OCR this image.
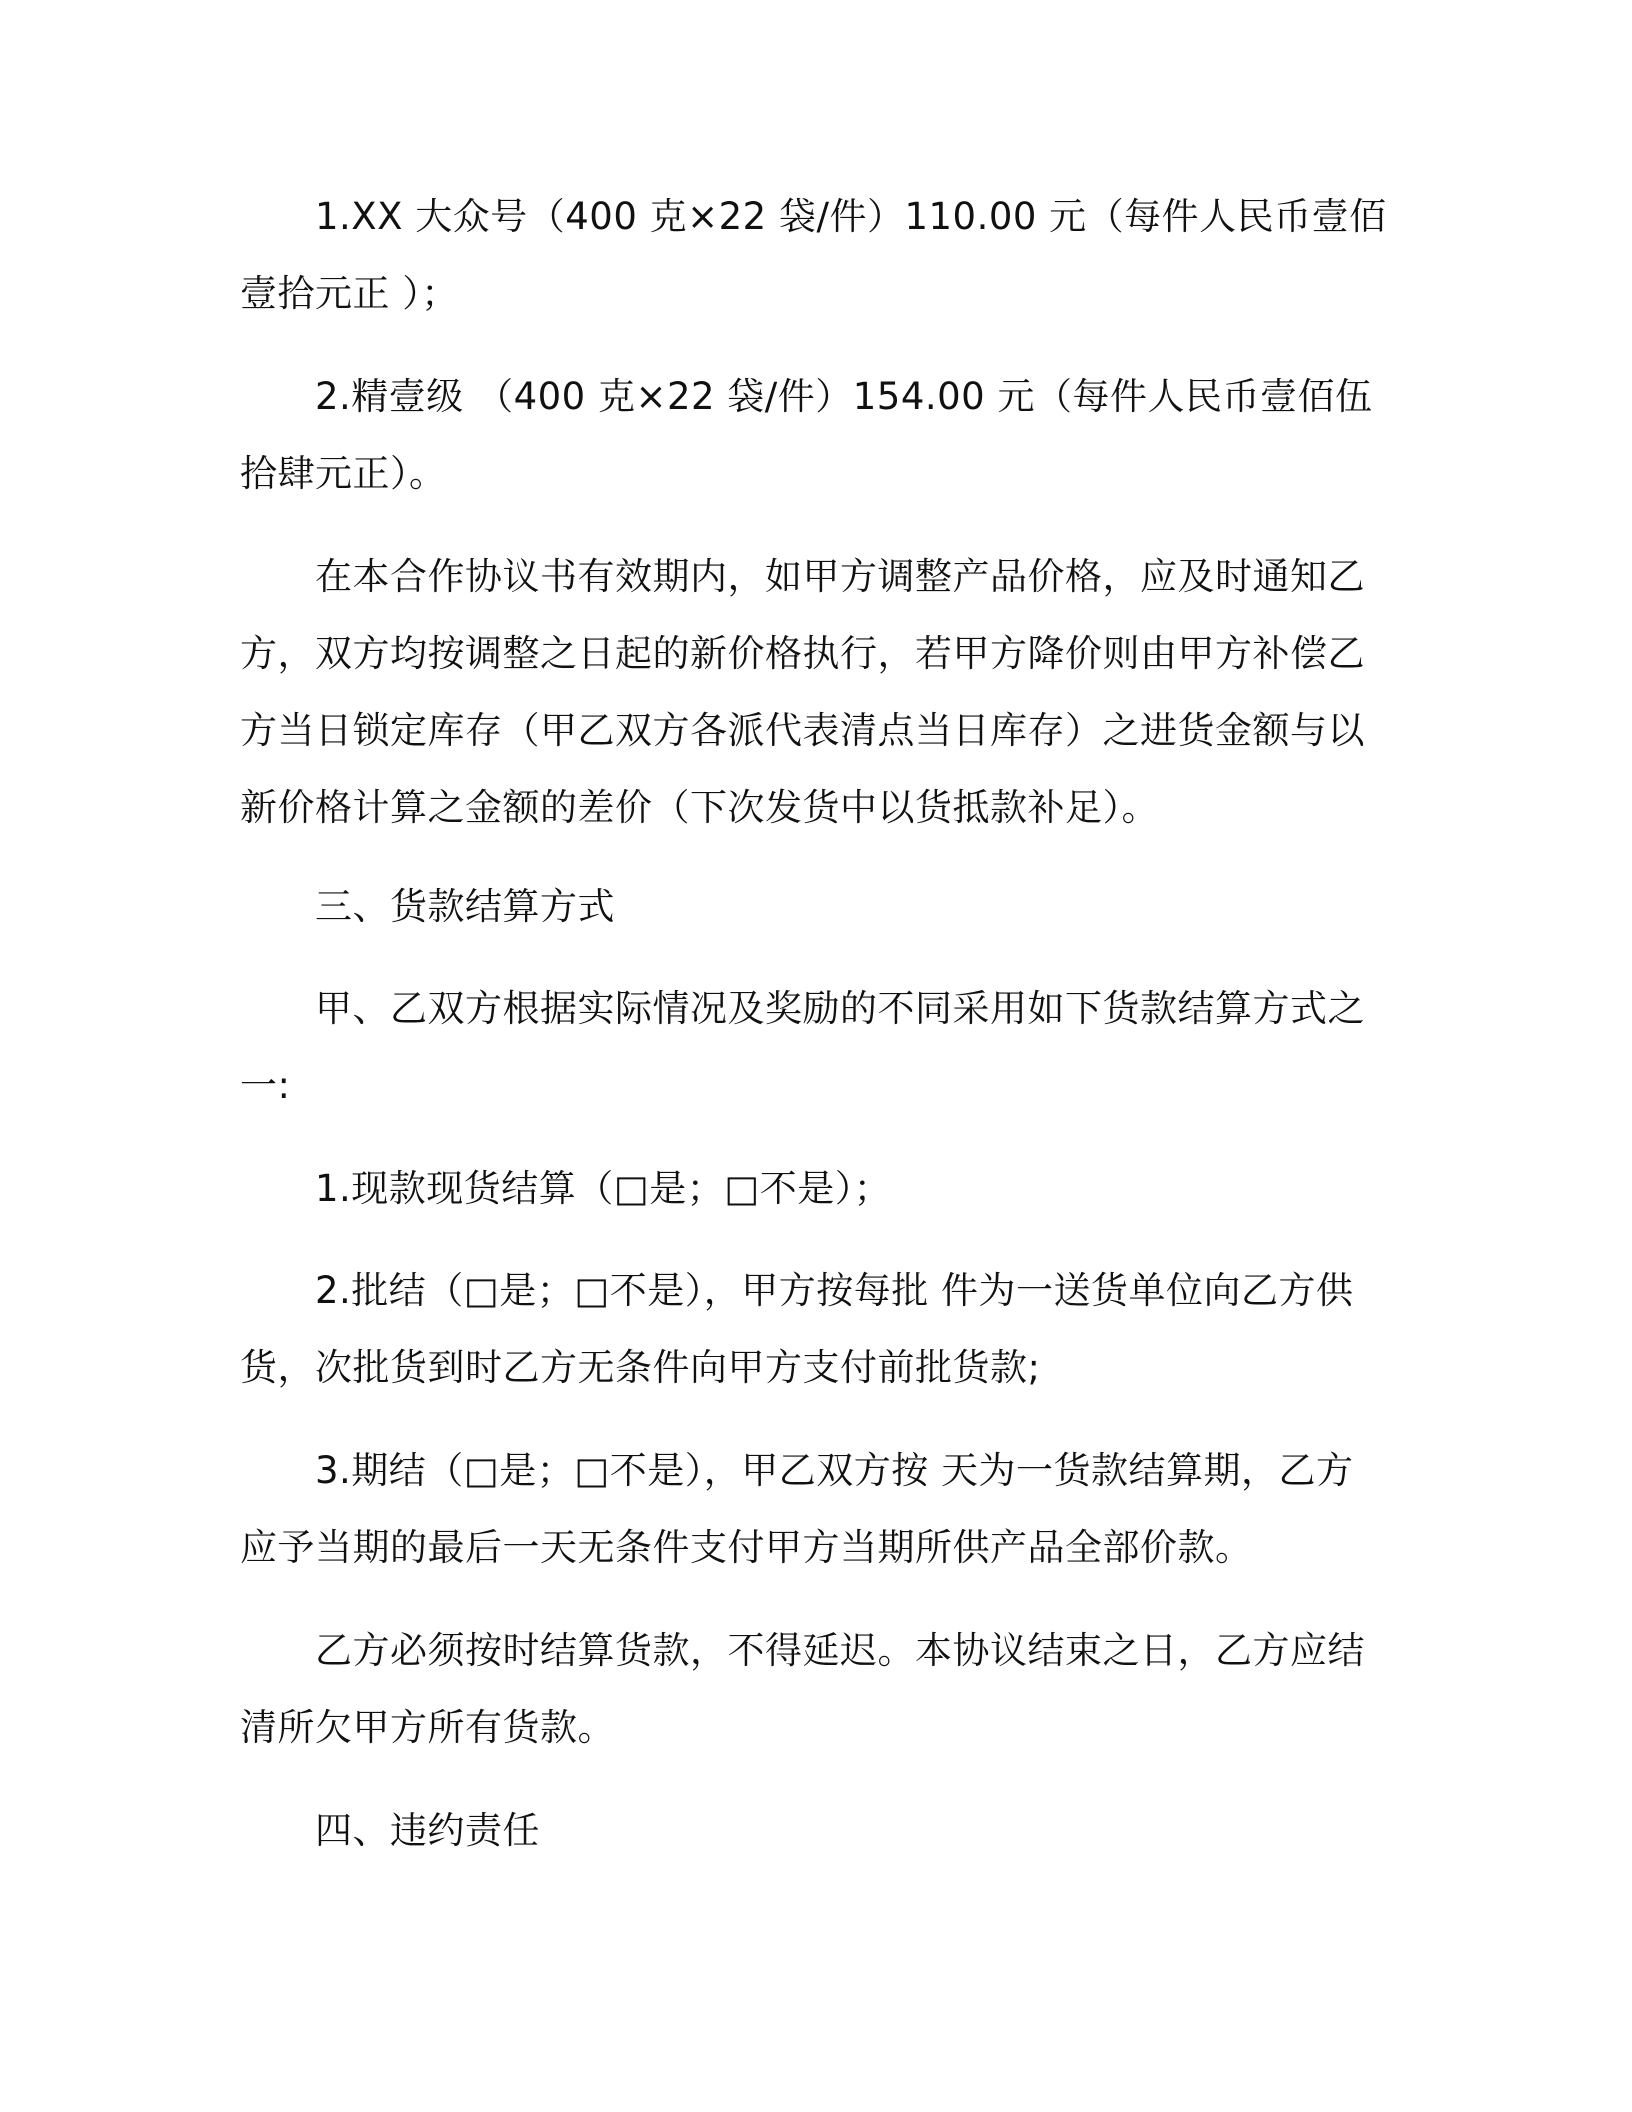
1.XX 大众号（400 克×22 袋/件）110.00 元（每件人民币壹佰壹拾元正 ）；

2.精壹级 （400 克×22 袋/件）154.00 元（每件人民币壹佰伍拾肆元正）。

在本合作协议书有效期内，如甲方调整产品价格，应及时通知乙方，双方均按调整之日起的新价格执行，若甲方降价则由甲方补偿乙方当日锁定库存（甲乙双方各派代表清点当日库存）之进货金额与以新价格计算之金额的差价（下次发货中以货抵款补足）。

三、货款结算方式

甲、乙双方根据实际情况及奖励的不同采用如下货款结算方式之一:

1.现款现货结算（□是；□不是）；

2.批结（□是；□不是），甲方按每批 件为一送货单位向乙方供货，次批货到时乙方无条件向甲方支付前批货款;

3.期结（□是；□不是），甲乙双方按 天为一货款结算期，乙方应予当期的最后一天无条件支付甲方当期所供产品全部价款。

乙方必须按时结算货款，不得延迟。本协议结束之日，乙方应结清所欠甲方所有货款。

四、违约责任
